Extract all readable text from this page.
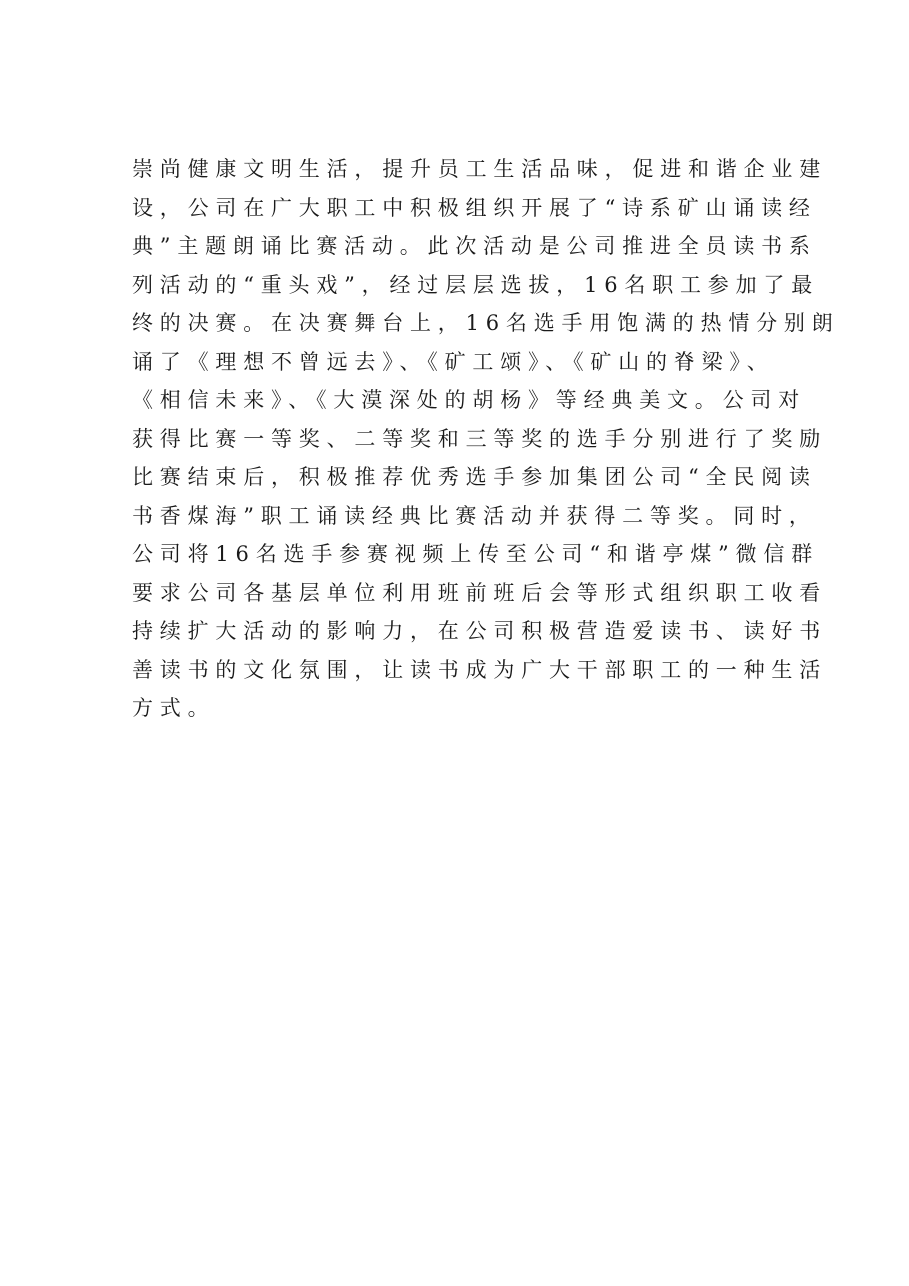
崇尚健康文明生活，提升员工生活品味，促进和谐企业建
设，公司在广大职工中积极组织开展了“诗系矿山诵读经
典”主题朗诵比赛活动。此次活动是公司推进全员读书系
列活动的“重头戏”，经过层层选拔，16名职工参加了最
终的决赛。在决赛舞台上，16名选手用饱满的热情分别朗
诵了《理想不曾远去》、《矿工颂》、《矿山的脊梁》、
《相信未来》、《大漠深处的胡杨》等经典美文。公司对
获得比赛一等奖、二等奖和三等奖的选手分别进行了奖励
比赛结束后，积极推荐优秀选手参加集团公司“全民阅读
书香煤海”职工诵读经典比赛活动并获得二等奖。同时，
公司将16名选手参赛视频上传至公司“和谐亭煤”微信群
要求公司各基层单位利用班前班后会等形式组织职工收看
持续扩大活动的影响力，在公司积极营造爱读书、读好书
善读书的文化氛围，让读书成为广大干部职工的一种生活
方式。
